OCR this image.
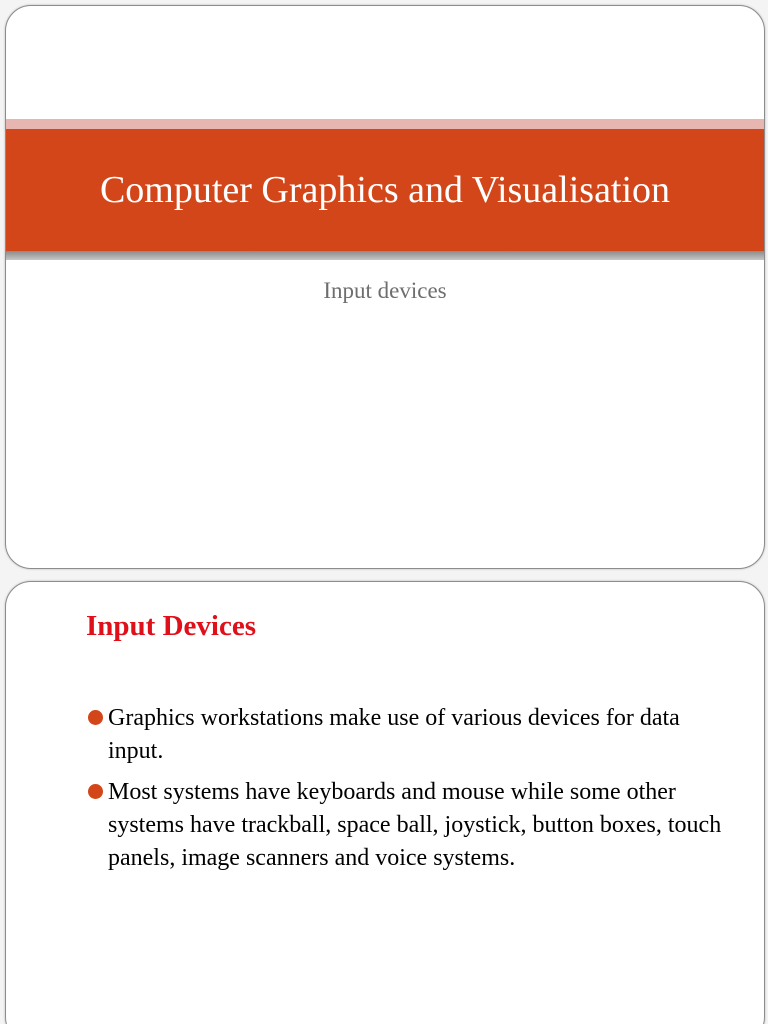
Computer Graphics and Visualisation
Input devices
Input Devices
Graphics workstations make use of various devices for data input.
Most systems have keyboards and mouse while some other systems have trackball, space ball, joystick, button boxes, touch panels, image scanners and voice systems.
